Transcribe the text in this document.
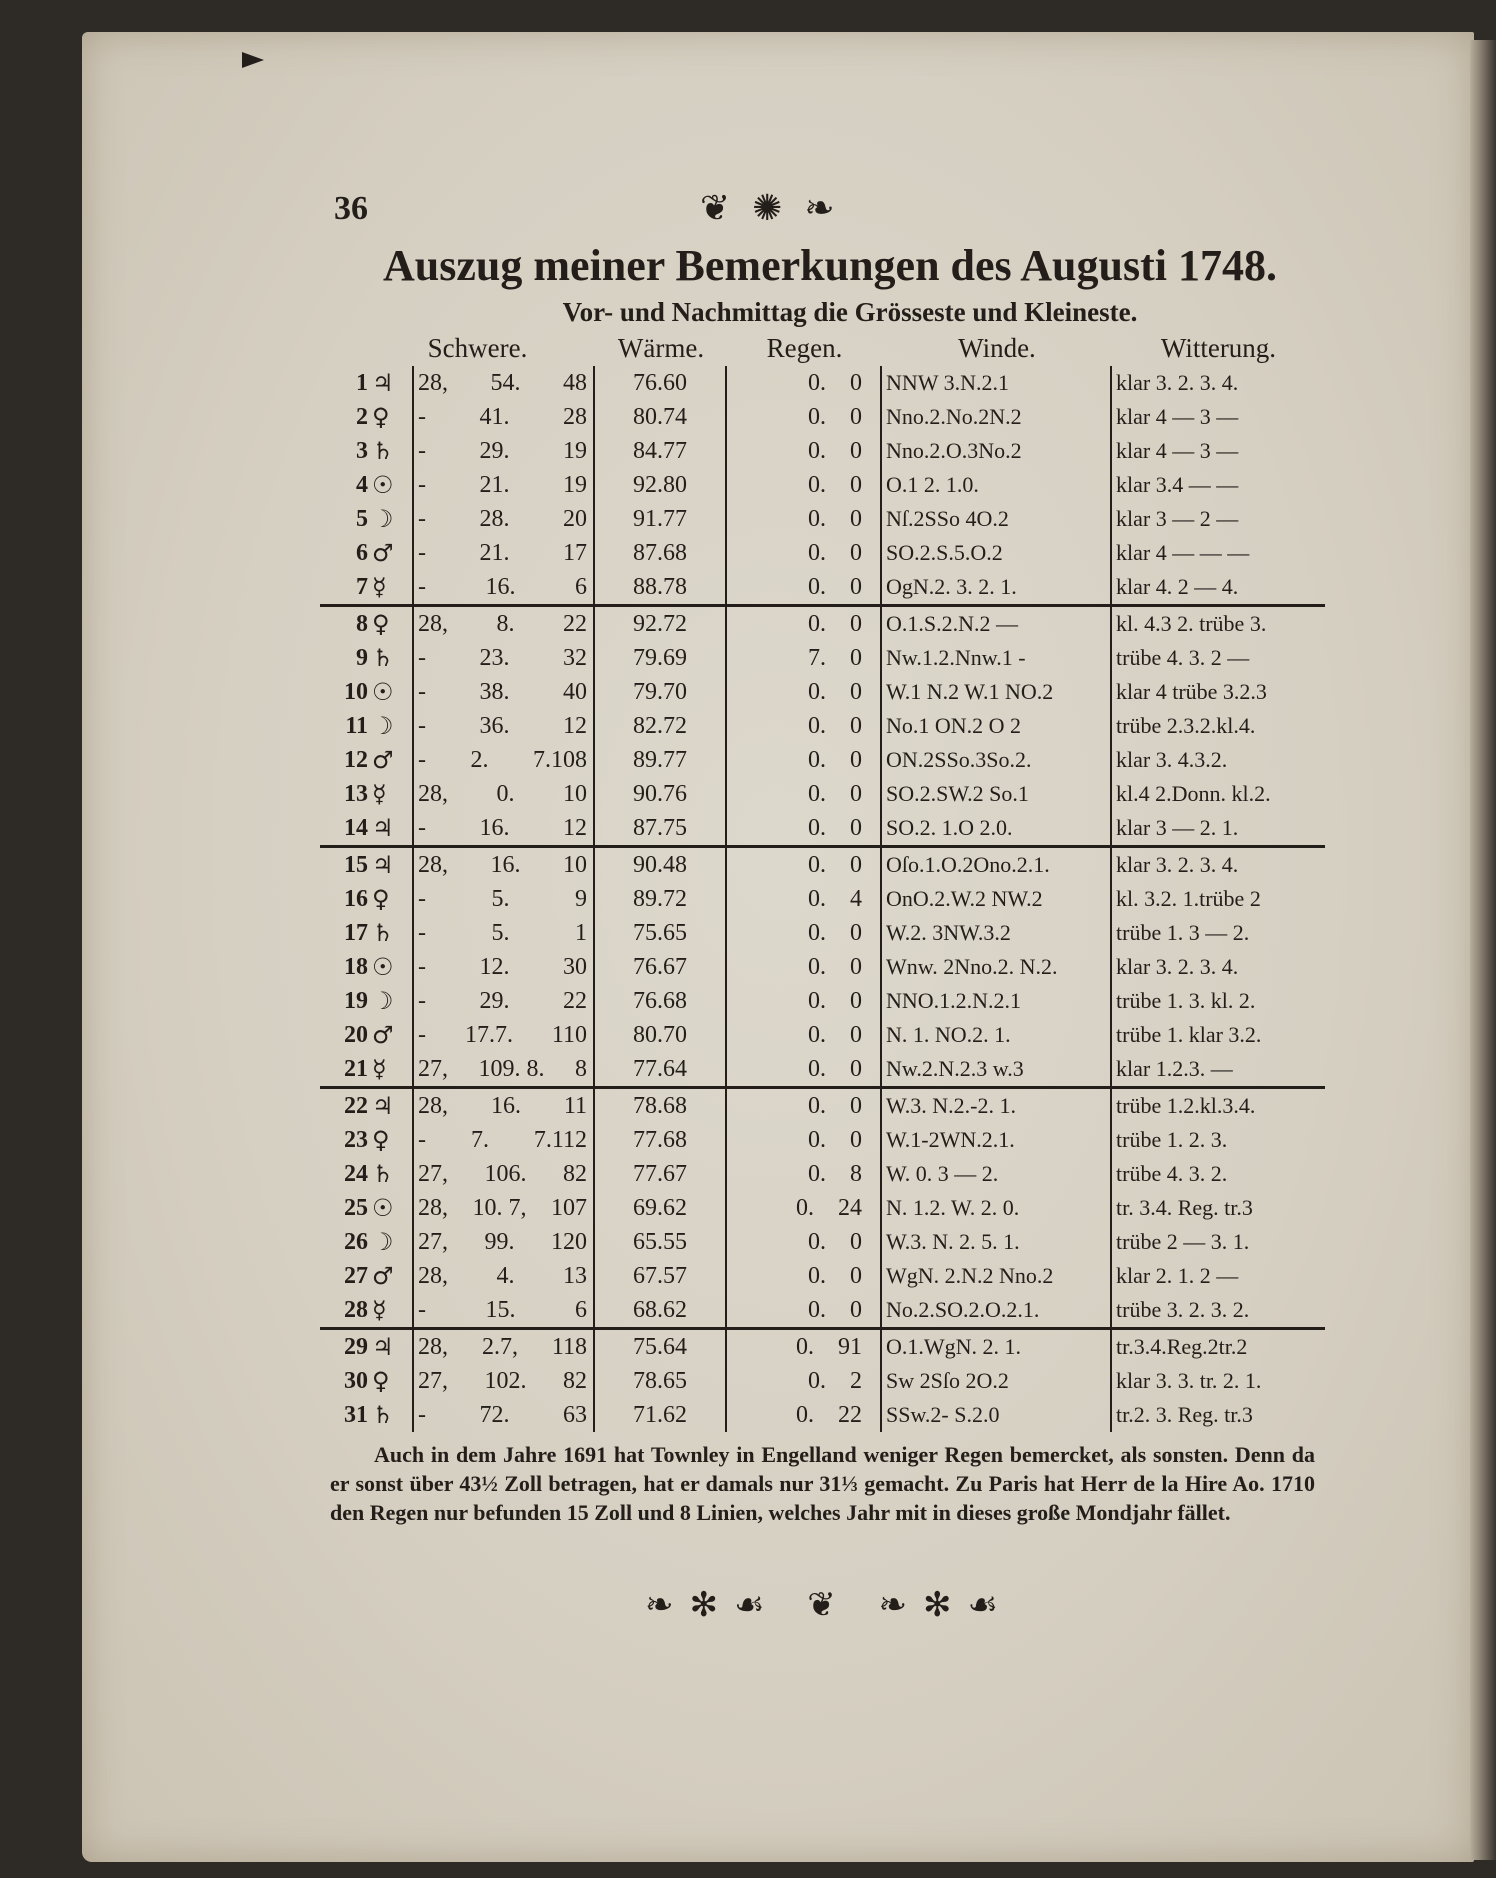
36
❦✺❧
Auszug meiner Bemerkungen des Augusti 1748.
Vor- und Nachmittag die Grösseste und Kleineste.
Schwere.	Wärme.	Regen.	Winde.	Witterung.
1 ♃	28,	54.	48	76.60	0. 0	NNW 3.N.2.1	klar 3. 2. 3. 4.
2 ♀	-	41.	28	80.74	0. 0	Nno.2.No.2N.2	klar 4 — 3 —
3 ♄	-	29.	19	84.77	0. 0	Nno.2.O.3No.2	klar 4 — 3 —
4 ☉	-	21.	19	92.80	0. 0	O.1 2. 1.0.	klar 3.4 — —
5 ☽	-	28.	20	91.77	0. 0	Nſ.2SSo 4O.2	klar 3 — 2 —
6 ♂	-	21.	17	87.68	0. 0	SO.2.S.5.O.2	klar 4 — — —
7 ☿	-	16.	6	88.78	0. 0	OgN.2. 3. 2. 1.	klar 4. 2 — 4.
8 ♀	28,	8.	22	92.72	0. 0	O.1.S.2.N.2 —	kl. 4.3 2. trübe 3.
9 ♄	-	23.	32	79.69	7. 0	Nw.1.2.Nnw.1 -	trübe 4. 3. 2 —
10 ☉	-	38.	40	79.70	0. 0	W.1 N.2 W.1 NO.2	klar 4 trübe 3.2.3
11 ☽	-	36.	12	82.72	0. 0	No.1 ON.2 O 2	trübe 2.3.2.kl.4.
12 ♂	-	2.	7.108	89.77	0. 0	ON.2SSo.3So.2.	klar 3. 4.3.2.
13 ☿	28,	0.	10	90.76	0. 0	SO.2.SW.2 So.1	kl.4 2.Donn. kl.2.
14 ♃	-	16.	12	87.75	0. 0	SO.2. 1.O 2.0.	klar 3 — 2. 1.
15 ♃	28,	16.	10	90.48	0. 0	Oſo.1.O.2Ono.2.1.	klar 3. 2. 3. 4.
16 ♀	-	5.	9	89.72	0. 4	OnO.2.W.2 NW.2	kl. 3.2. 1.trübe 2
17 ♄	-	5.	1	75.65	0. 0	W.2. 3NW.3.2	trübe 1. 3 — 2.
18 ☉	-	12.	30	76.67	0. 0	Wnw. 2Nno.2. N.2.	klar 3. 2. 3. 4.
19 ☽	-	29.	22	76.68	0. 0	NNO.1.2.N.2.1	trübe 1. 3. kl. 2.
20 ♂	-	17.7.	110	80.70	0. 0	N. 1. NO.2. 1.	trübe 1. klar 3.2.
21 ☿	27,	109. 8.	8	77.64	0. 0	Nw.2.N.2.3 w.3	klar 1.2.3. —
22 ♃	28,	16.	11	78.68	0. 0	W.3. N.2.-2. 1.	trübe 1.2.kl.3.4.
23 ♀	-	7.	7.112	77.68	0. 0	W.1-2WN.2.1.	trübe 1. 2. 3.
24 ♄	27,	106.	82	77.67	0. 8	W. 0. 3 — 2.	trübe 4. 3. 2.
25 ☉	28,	10. 7,	107	69.62	0. 24	N. 1.2. W. 2. 0.	tr. 3.4. Reg. tr.3
26 ☽	27,	99.	120	65.55	0. 0	W.3. N. 2. 5. 1.	trübe 2 — 3. 1.
27 ♂	28,	4.	13	67.57	0. 0	WgN. 2.N.2 Nno.2	klar 2. 1. 2 —
28 ☿	-	15.	6	68.62	0. 0	No.2.SO.2.O.2.1.	trübe 3. 2. 3. 2.
29 ♃	28,	2.7,	118	75.64	0. 91	O.1.WgN. 2. 1.	tr.3.4.Reg.2tr.2
30 ♀	27,	102.	82	78.65	0. 2	Sw 2Sſo 2O.2	klar 3. 3. tr. 2. 1.
31 ♄	-	72.	63	71.62	0. 22	SSw.2- S.2.0	tr.2. 3. Reg. tr.3

Auch in dem Jahre 1691 hat Townley in Engelland weniger Regen bemercket, als sonsten. Denn da er sonst über 43½ Zoll betragen, hat er damals nur 31⅓ gemacht. Zu Paris hat Herr de la Hire Ao. 1710 den Regen nur befunden 15 Zoll und 8 Linien, welches Jahr mit in dieses große Mondjahr fället.

❧✻☙ ❦ ❧✻☙
